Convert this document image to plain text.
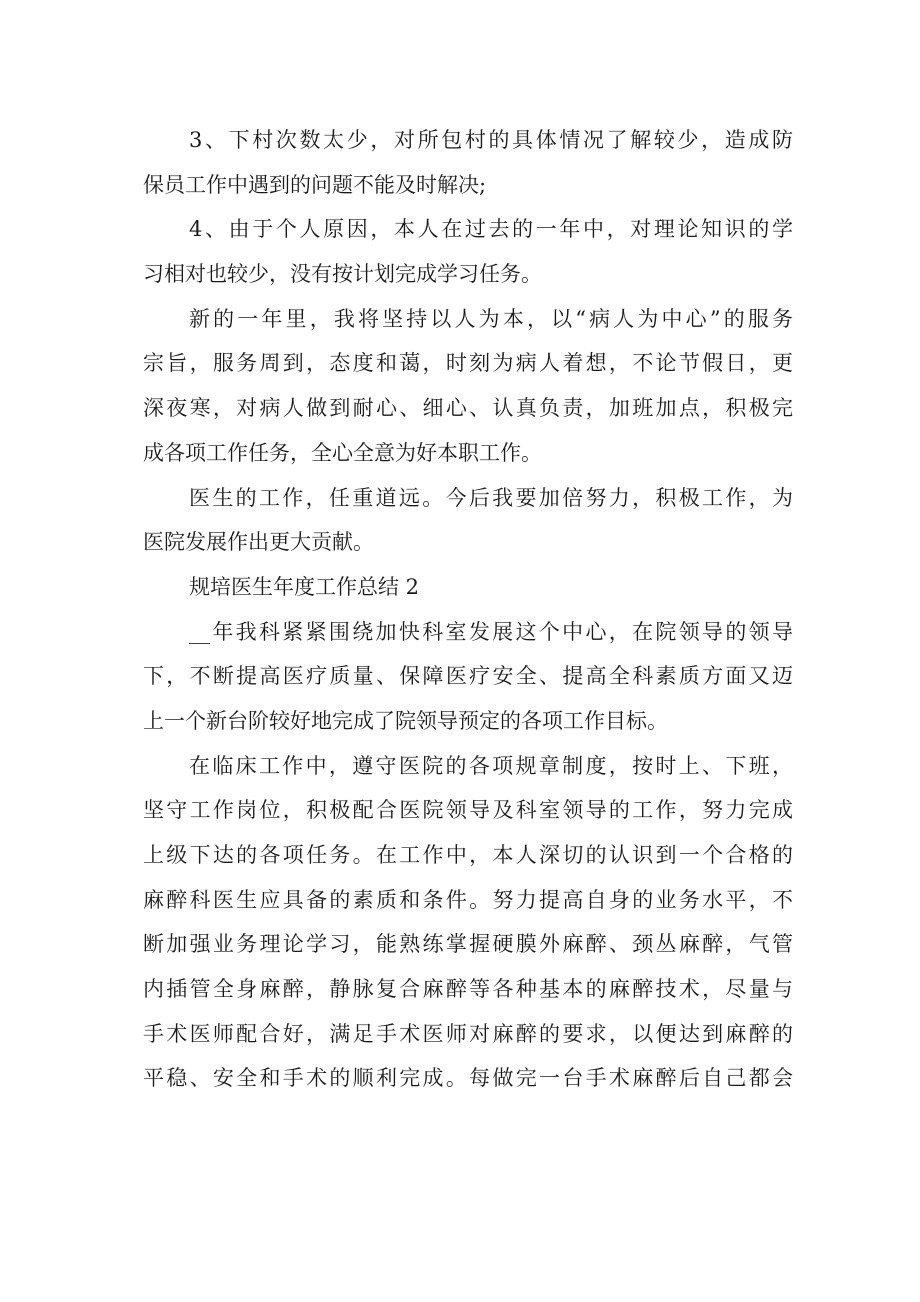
3、下村次数太少，对所包村的具体情况了解较少，造成防
保员工作中遇到的问题不能及时解决;
4、由于个人原因，本人在过去的一年中，对理论知识的学
习相对也较少，没有按计划完成学习任务。
新的一年里，我将坚持以人为本，以“病人为中心”的服务
宗旨，服务周到，态度和蔼，时刻为病人着想，不论节假日，更
深夜寒，对病人做到耐心、细心、认真负责，加班加点，积极完
成各项工作任务，全心全意为好本职工作。
医生的工作，任重道远。今后我要加倍努力，积极工作，为
医院发展作出更大贡献。
规培医生年度工作总结 2
__年我科紧紧围绕加快科室发展这个中心，在院领导的领导
下，不断提高医疗质量、保障医疗安全、提高全科素质方面又迈
上一个新台阶较好地完成了院领导预定的各项工作目标。
在临床工作中，遵守医院的各项规章制度，按时上、下班，
坚守工作岗位，积极配合医院领导及科室领导的工作，努力完成
上级下达的各项任务。在工作中，本人深切的认识到一个合格的
麻醉科医生应具备的素质和条件。努力提高自身的业务水平，不
断加强业务理论学习，能熟练掌握硬膜外麻醉、颈丛麻醉，气管
内插管全身麻醉，静脉复合麻醉等各种基本的麻醉技术，尽量与
手术医师配合好，满足手术医师对麻醉的要求，以便达到麻醉的
平稳、安全和手术的顺利完成。每做完一台手术麻醉后自己都会
